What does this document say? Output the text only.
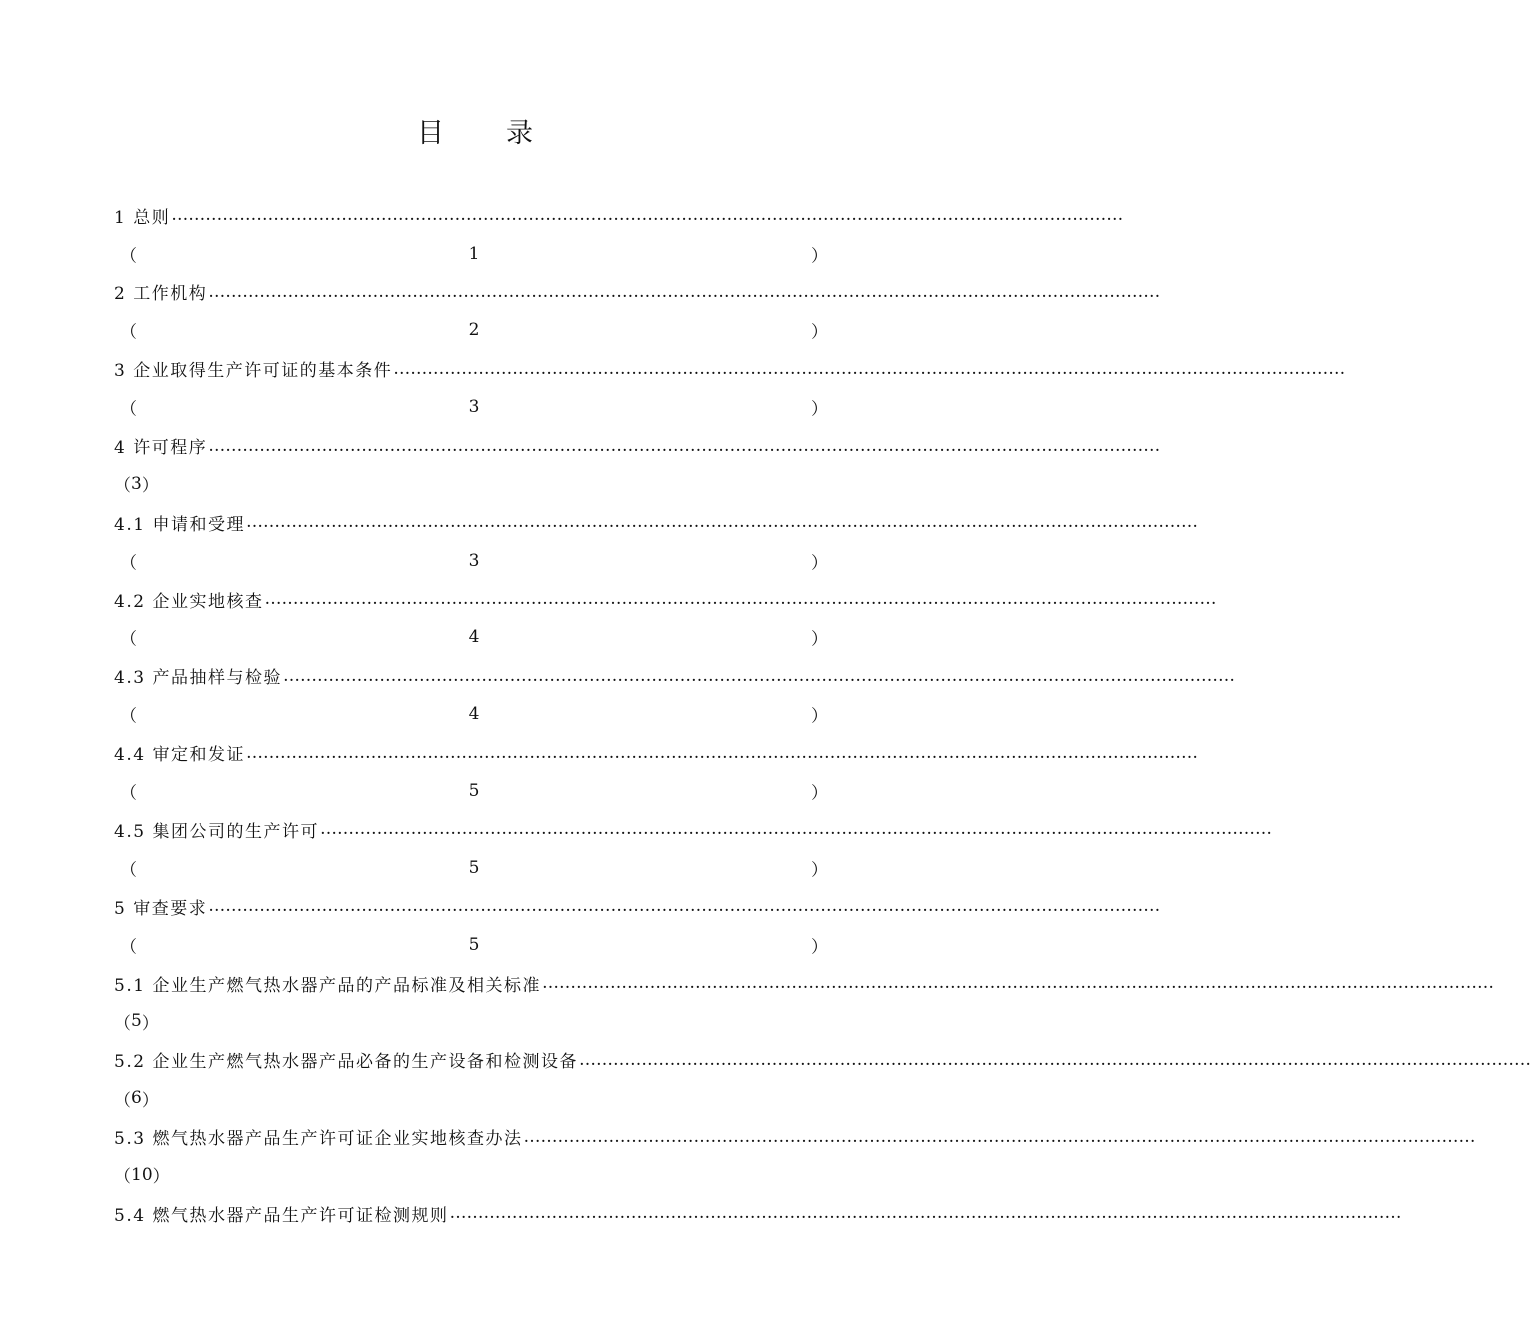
目 录
1 总则 ……………………………………………………………………………………………………………………………………………………
（	1	）
2 工作机构 ……………………………………………………………………………………………………………………………………………………
（	2	）
3 企业取得生产许可证的基本条件 ……………………………………………………………………………………………………………………………………………………
（	3	）
4 许可程序 ……………………………………………………………………………………………………………………………………………………
（ 3 ）
4.1 申请和受理 ……………………………………………………………………………………………………………………………………………………
（	3	）
4.2 企业实地核查 ……………………………………………………………………………………………………………………………………………………
（	4	）
4.3 产品抽样与检验 ……………………………………………………………………………………………………………………………………………………
（	4	）
4.4 审定和发证 ……………………………………………………………………………………………………………………………………………………
（	5	）
4.5 集团公司的生产许可 ……………………………………………………………………………………………………………………………………………………
（	5	）
5 审查要求 ……………………………………………………………………………………………………………………………………………………
（	5	）
5.1 企业生产燃气热水器产品的产品标准及相关标准 ……………………………………………………………………………………………………………………………………………………
（ 5 ）
5.2 企业生产燃气热水器产品必备的生产设备和检测设备 ……………………………………………………………………………………………………………………………………………………
（ 6 ）
5.3 燃气热水器产品生产许可证企业实地核查办法 ……………………………………………………………………………………………………………………………………………………
（ 10 ）
5.4 燃气热水器产品生产许可证检测规则 ……………………………………………………………………………………………………………………………………………………
